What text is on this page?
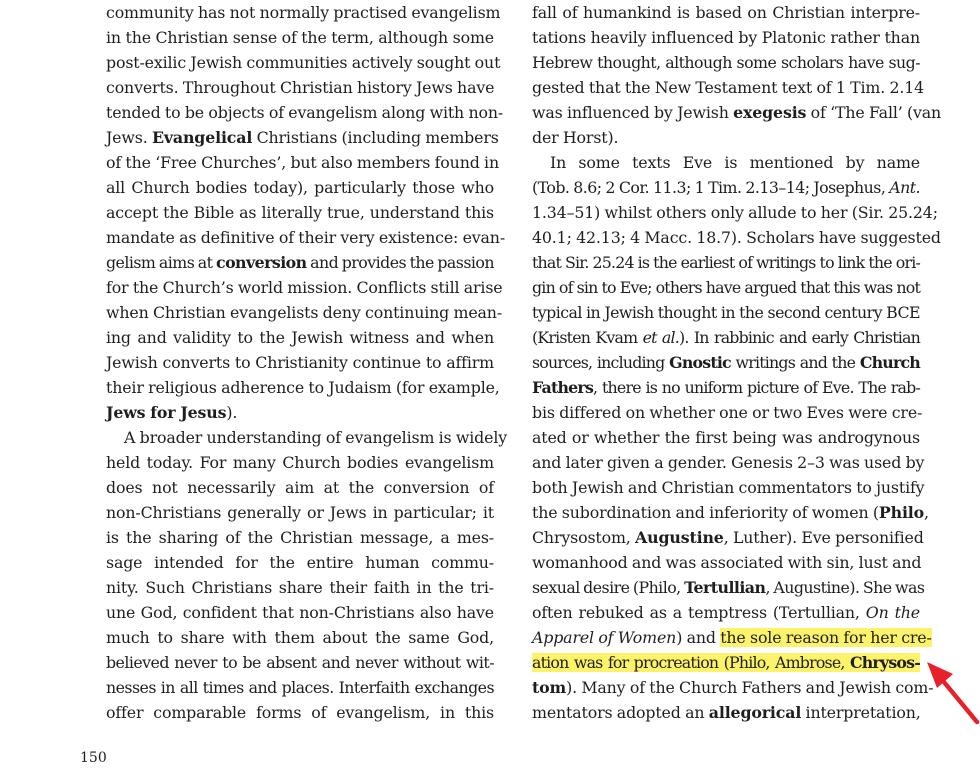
community has not normally practised evangelism
in the Christian sense of the term, although some
post-exilic Jewish communities actively sought out
converts. Throughout Christian history Jews have
tended to be objects of evangelism along with non-
Jews. Evangelical Christians (including members
of the ‘Free Churches’, but also members found in
all Church bodies today), particularly those who
accept the Bible as literally true, understand this
mandate as definitive of their very existence: evan-
gelism aims at conversion and provides the passion
for the Church’s world mission. Conflicts still arise
when Christian evangelists deny continuing mean-
ing and validity to the Jewish witness and when
Jewish converts to Christianity continue to affirm
their religious adherence to Judaism (for example,
Jews for Jesus).
A broader understanding of evangelism is widely
held today. For many Church bodies evangelism
does not necessarily aim at the conversion of
non-Christians generally or Jews in particular; it
is the sharing of the Christian message, a mes-
sage intended for the entire human commu-
nity. Such Christians share their faith in the tri-
une God, confident that non-Christians also have
much to share with them about the same God,
believed never to be absent and never without wit-
nesses in all times and places. Interfaith exchanges
offer comparable forms of evangelism, in this
fall of humankind is based on Christian interpre-
tations heavily influenced by Platonic rather than
Hebrew thought, although some scholars have sug-
gested that the New Testament text of 1 Tim. 2.14
was influenced by Jewish exegesis of ‘The Fall’ (van
der Horst).
In some texts Eve is mentioned by name
(Tob. 8.6; 2 Cor. 11.3; 1 Tim. 2.13–14; Josephus, Ant.
1.34–51) whilst others only allude to her (Sir. 25.24;
40.1; 42.13; 4 Macc. 18.7). Scholars have suggested
that Sir. 25.24 is the earliest of writings to link the ori-
gin of sin to Eve; others have argued that this was not
typical in Jewish thought in the second century BCE
(Kristen Kvam et al.). In rabbinic and early Christian
sources, including Gnostic writings and the Church
Fathers, there is no uniform picture of Eve. The rab-
bis differed on whether one or two Eves were cre-
ated or whether the first being was androgynous
and later given a gender. Genesis 2–3 was used by
both Jewish and Christian commentators to justify
the subordination and inferiority of women (Philo,
Chrysostom, Augustine, Luther). Eve personified
womanhood and was associated with sin, lust and
sexual desire (Philo, Tertullian, Augustine). She was
often rebuked as a temptress (Tertullian, On the
Apparel of Women) and the sole reason for her cre-
ation was for procreation (Philo, Ambrose, Chrysos-
tom). Many of the Church Fathers and Jewish com-
mentators adopted an allegorical interpretation,
150
